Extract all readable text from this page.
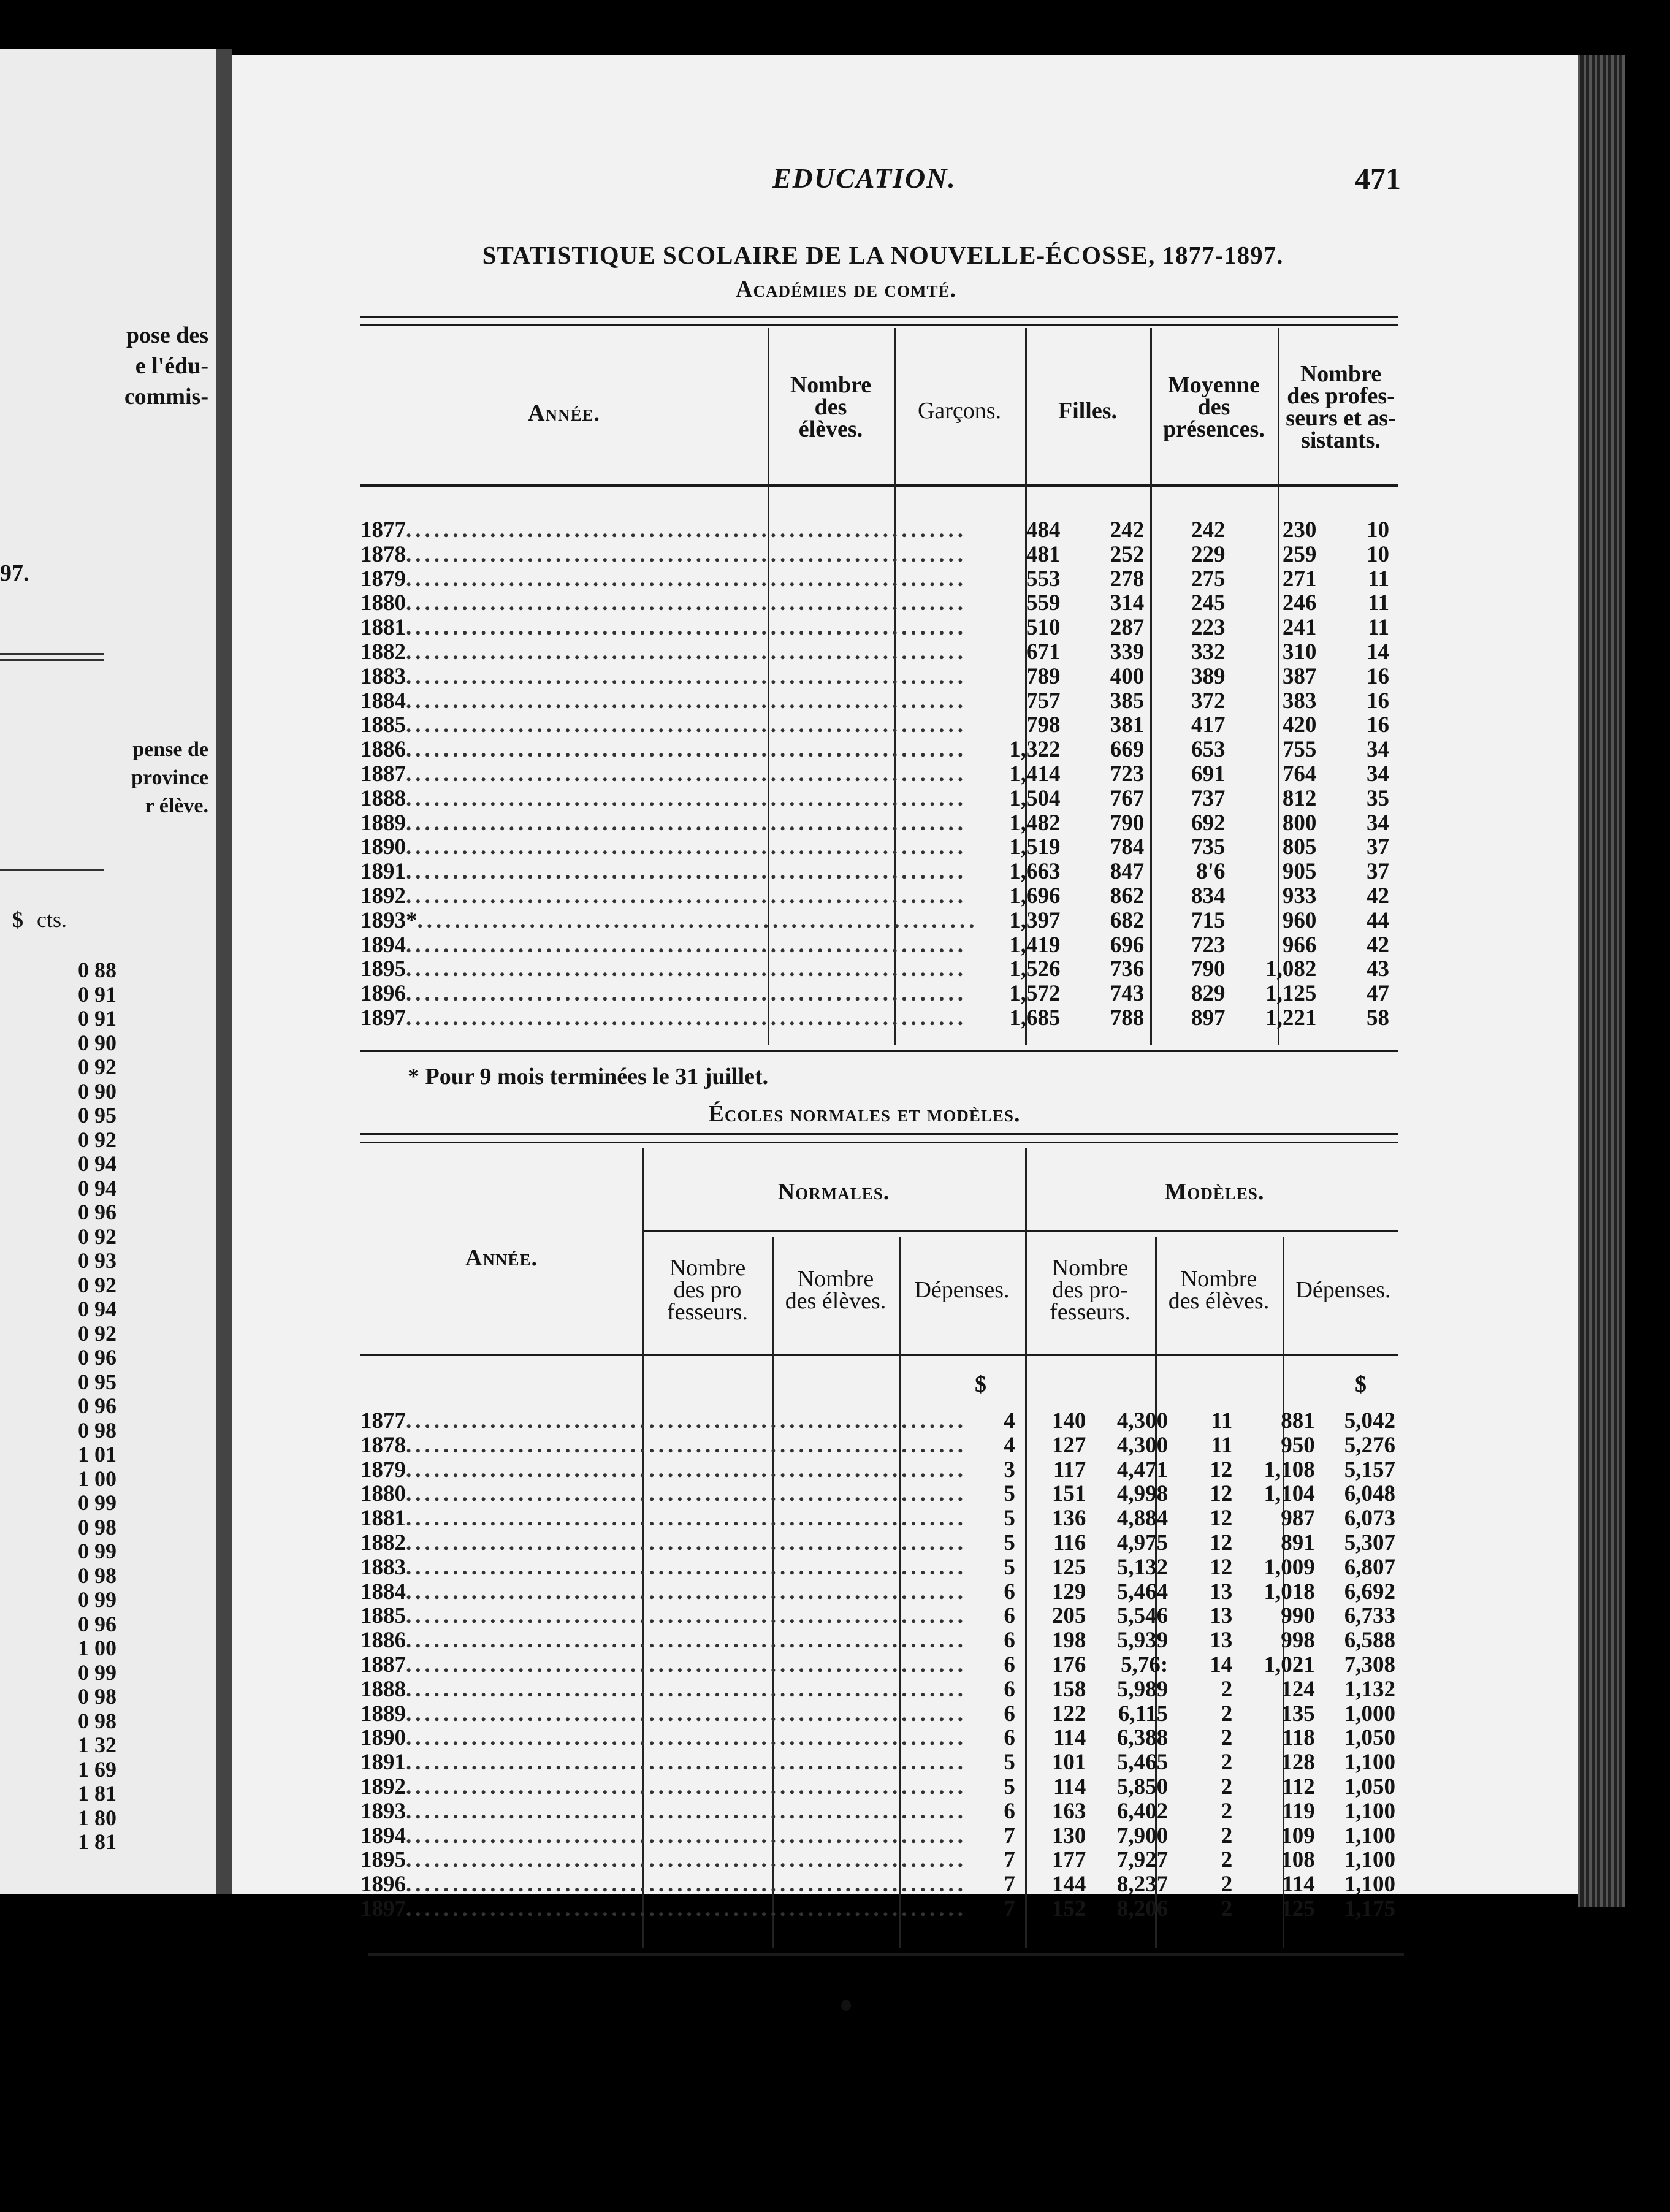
pose des
e l'édu-
commis-
97.
pense de
province
r élève.
$ cts.
0 88
0 91
0 91
0 90
0 92
0 90
0 95
0 92
0 94
0 94
0 96
0 92
0 93
0 92
0 94
0 92
0 96
0 95
0 96
0 98
1 01
1 00
0 99
0 98
0 99
0 98
0 99
0 96
1 00
0 99
0 98
0 98
1 32
1 69
1 81
1 80
1 81
EDUCATION.	471
STATISTIQUE SCOLAIRE DE LA NOUVELLE-ÉCOSSE, 1877-1897.
Académies de comté.
Année.
Nombre
des
élèves.
Garçons.	Filles.
Moyenne
des
présences.
Nombre
des profes-
seurs et as-
sistants.
1877............................................................	484	242	242	230	10
1878............................................................	481	252	229	259	10
1879............................................................	553	278	275	271	11
1880............................................................	559	314	245	246	11
1881............................................................	510	287	223	241	11
1882............................................................	671	339	332	310	14
1883............................................................	789	400	389	387	16
1884............................................................	757	385	372	383	16
1885............................................................	798	381	417	420	16
1886............................................................	1,322	669	653	755	34
1887............................................................	1,414	723	691	764	34
1888............................................................	1,504	767	737	812	35
1889............................................................	1,482	790	692	800	34
1890............................................................	1,519	784	735	805	37
1891............................................................	1,663	847	8'6	905	37
1892............................................................	1,696	862	834	933	42
1893*............................................................	1,397	682	715	960	44
1894............................................................	1,419	696	723	966	42
1895............................................................	1,526	736	790	1,082	43
1896............................................................	1,572	743	829	1,125	47
1897............................................................	1,685	788	897	1,221	58
* Pour 9 mois terminées le 31 juillet.
Écoles normales et modèles.
Normales.	Modèles.
Année.	Nombre
des pro
fesseurs.
Nombre
des élèves.	Dépenses.
Nombre
des pro-
fesseurs.
Nombre
des élèves.	Dépenses.
$	$
1877............................................................	4	140	4,300	11	881	5,042
1878............................................................	4	127	4,300	11	950	5,276
1879............................................................	3	117	4,471	12	1,108	5,157
1880............................................................	5	151	4,998	12	1,104	6,048
1881............................................................	5	136	4,884	12	987	6,073
1882............................................................	5	116	4,975	12	891	5,307
1883............................................................	5	125	5,132	12	1,009	6,807
1884............................................................	6	129	5,464	13	1,018	6,692
1885............................................................	6	205	5,546	13	990	6,733
1886............................................................	6	198	5,939	13	998	6,588
1887............................................................	6	176	5,76:	14	1,021	7,308
1888............................................................	6	158	5,989	2	124	1,132
1889............................................................	6	122	6,115	2	135	1,000
1890............................................................	6	114	6,388	2	118	1,050
1891............................................................	5	101	5,465	2	128	1,100
1892............................................................	5	114	5,850	2	112	1,050
1893............................................................	6	163	6,402	2	119	1,100
1894............................................................	7	130	7,900	2	109	1,100
1895............................................................	7	177	7,927	2	108	1,100
1896............................................................	7	144	8,237	2	114	1,100
1897............................................................	7	152	8,206	2	125	1,175
